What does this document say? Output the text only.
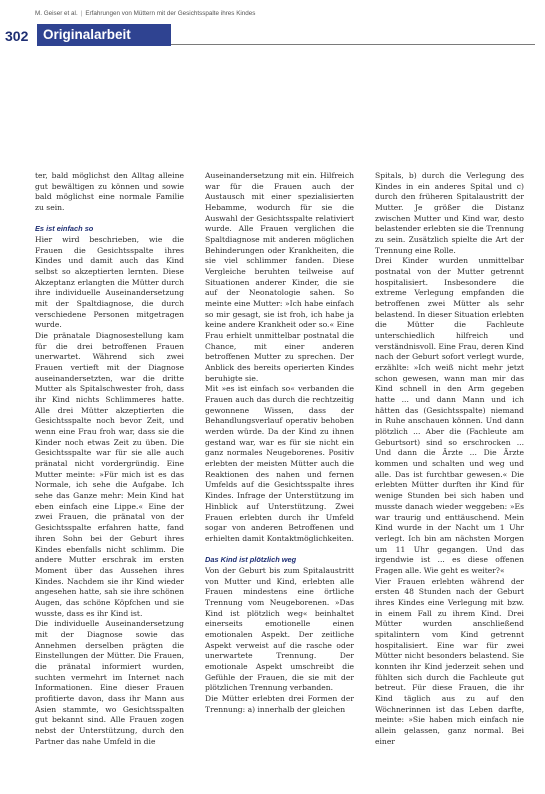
M. Geiser et al. | Erfahrungen von Müttern mit der Gesichtsspalte ihres Kindes
302	Originalarbeit

ter, bald möglichst den Alltag alleine gut bewältigen zu können und sowie bald möglichst eine normale Familie zu sein.

Es ist einfach so

Hier wird beschrieben, wie die Frauen die Gesichtsspalte ihres Kindes und damit auch das Kind selbst so akzeptierten lernten. Diese Akzeptanz erlangten die Mütter durch ihre individuelle Auseinandersetzung mit der Spaltdiagnose, die durch verschiedene Personen mitgetragen wurde.

Die pränatale Diagnosestellung kam für die drei betroffenen Frauen unerwartet. Während sich zwei Frauen vertieft mit der Diagnose auseinandersetzten, war die dritte Mutter als Spitalschwester froh, dass ihr Kind nichts Schlimmeres hatte. Alle drei Mütter akzeptierten die Gesichtsspalte noch bevor Zeit, und wenn eine Frau froh war, dass sie die Kinder noch etwas Zeit zu üben. Die Gesichtsspalte war für sie alle auch pränatal nicht vordergründig. Eine Mutter meinte: »Für mich ist es das Normale, ich sehe die Aufgabe. Ich sehe das Ganze mehr: Mein Kind hat eben einfach eine Lippe.« Eine der zwei Frauen, die pränatal von der Gesichtsspalte erfahren hatte, fand ihren Sohn bei der Geburt ihres Kindes ebenfalls nicht schlimm. Die andere Mutter erschrak im ersten Moment über das Aussehen ihres Kindes. Nachdem sie ihr Kind wieder angesehen hatte, sah sie ihre schönen Augen, das schöne Köpfchen und sie wusste, dass es ihr Kind ist.

Die individuelle Auseinandersetzung mit der Diagnose sowie das Annehmen derselben prägten die Einstellungen der Mütter. Die Frauen, die pränatal informiert wurden, suchten vermehrt im Internet nach Informationen. Eine dieser Frauen profitierte davon, dass ihr Mann aus Asien stammte, wo Gesichtsspalten gut bekannt sind. Alle Frauen zogen nebst der Unterstützung, durch den Partner das nahe Umfeld in die

Auseinandersetzung mit ein. Hilfreich war für die Frauen auch der Austausch mit einer spezialisierten Hebamme, wodurch für sie die Auswahl der Gesichtsspalte relativiert wurde. Alle Frauen verglichen die Spaltdiagnose mit anderen möglichen Behinderungen oder Krankheiten, die sie viel schlimmer fanden. Diese Vergleiche beruhten teilweise auf Situationen anderer Kinder, die sie auf der Neonatologie sahen. So meinte eine Mutter: »Ich habe einfach so mir gesagt, sie ist froh, ich habe ja keine andere Krankheit oder so.« Eine Frau erhielt unmittelbar postnatal die Chance, mit einer anderen betroffenen Mutter zu sprechen. Der Anblick des bereits operierten Kindes beruhigte sie.

Mit »es ist einfach so« verbanden die Frauen auch das durch die rechtzeitig gewonnene Wissen, dass der Behandlungsverlauf operativ behoben werden würde. Da der Kind zu ihnen gestand war, war es für sie nicht ein ganz normales Neugeborenes. Positiv erlebten der meisten Mütter auch die Reaktionen des nahen und fernen Umfelds auf die Gesichtsspalte ihres Kindes. Infrage der Unterstützung im Hinblick auf Unterstützung. Zwei Frauen erlebten durch ihr Umfeld sogar von anderen Betroffenen und erhielten damit Kontaktmöglichkeiten.

Das Kind ist plötzlich weg

Von der Geburt bis zum Spitalaustritt von Mutter und Kind, erlebten alle Frauen mindestens eine örtliche Trennung vom Neugeborenen. »Das Kind ist plötzlich weg« beinhaltet einerseits emotionelle einen emotionalen Aspekt. Der zeitliche Aspekt verweist auf die rasche oder unerwartete Trennung. Der emotionale Aspekt umschreibt die Gefühle der Frauen, die sie mit der plötzlichen Trennung verbanden.

Die Mütter erlebten drei Formen der Trennung: a) innerhalb der gleichen

Spitals, b) durch die Verlegung des Kindes in ein anderes Spital und c) durch den früheren Spitalaustritt der Mutter. Je größer die Distanz zwischen Mutter und Kind war, desto belastender erlebten sie die Trennung zu sein. Zusätzlich spielte die Art der Trennung eine Rolle.

Drei Kinder wurden unmittelbar postnatal von der Mutter getrennt hospitalisiert. Insbesondere die extreme Verlegung empfanden die betroffenen zwei Mütter als sehr belastend. In dieser Situation erlebten die Mütter die Fachleute unterschiedlich hilfreich und verständnisvoll. Eine Frau, deren Kind nach der Geburt sofort verlegt wurde, erzählte: »Ich weiß nicht mehr jetzt schon gewesen, wann man mir das Kind schnell in den Arm gegeben hatte ... und dann Mann und ich hätten das (Gesichtsspalte) niemand in Ruhe anschauen können. Und dann plötzlich ... Aber die (Fachleute am Geburtsort) sind so erschrocken ... Und dann die Ärzte ... Die Ärzte kommen und schalten und weg und alle. Das ist furchtbar gewesen.« Die erlebten Mütter durften ihr Kind für wenige Stunden bei sich haben und musste danach wieder weggeben: »Es war traurig und enttäuschend. Mein Kind wurde in der Nacht um 1 Uhr verlegt. Ich bin am nächsten Morgen um 11 Uhr gegangen. Und das irgendwie ist ... es diese offenen Fragen alle. Wie geht es weiter?«

Vier Frauen erlebten während der ersten 48 Stunden nach der Geburt ihres Kindes eine Verlegung mit bzw. in einem Fall zu ihrem Kind. Drei Mütter wurden anschließend spitalintern vom Kind getrennt hospitalisiert. Eine war für zwei Mütter nicht besonders belastend. Sie konnten ihr Kind jederzeit sehen und fühlten sich durch die Fachleute gut betreut. Für diese Frauen, die ihr Kind täglich aus zu auf den Wöchnerinnen ist das Leben darfte, meinte: »Sie haben mich einfach nie allein gelassen, ganz normal. Bei einer
